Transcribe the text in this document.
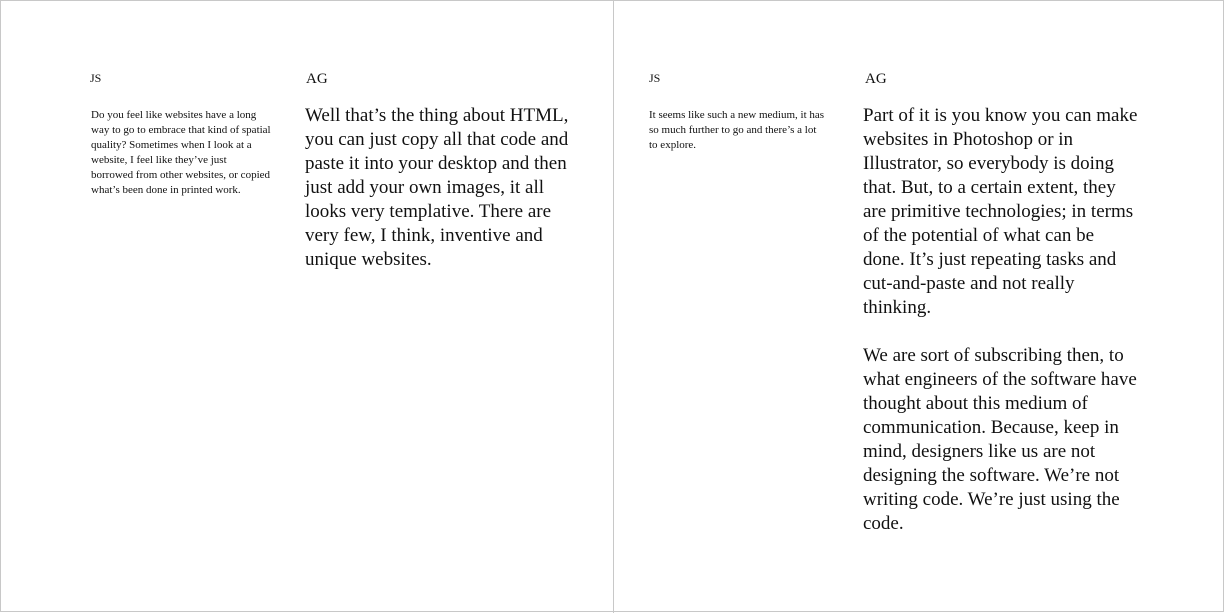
JS	AG

Do you feel like websites have a long way to go to embrace that kind of spatial quality? Sometimes when I look at a website, I feel like they’ve just borrowed from other websites, or copied what’s been done in printed work.

Well that’s the thing about HTML, you can just copy all that code and paste it into your desktop and then just add your own images, it all looks very templative. There are very few, I think, inventive and unique websites.

JS	AG

It seems like such a new medium, it has so much further to go and there’s a lot to explore.

Part of it is you know you can make websites in Photoshop or in Illustrator, so everybody is doing that. But, to a certain extent, they are primitive technologies; in terms of the potential of what can be done. It’s just repeating tasks and cut-and-paste and not really thinking.

We are sort of subscribing then, to what engineers of the software have thought about this medium of communication. Because, keep in mind, designers like us are not designing the software. We’re not writing code. We’re just using the code.
